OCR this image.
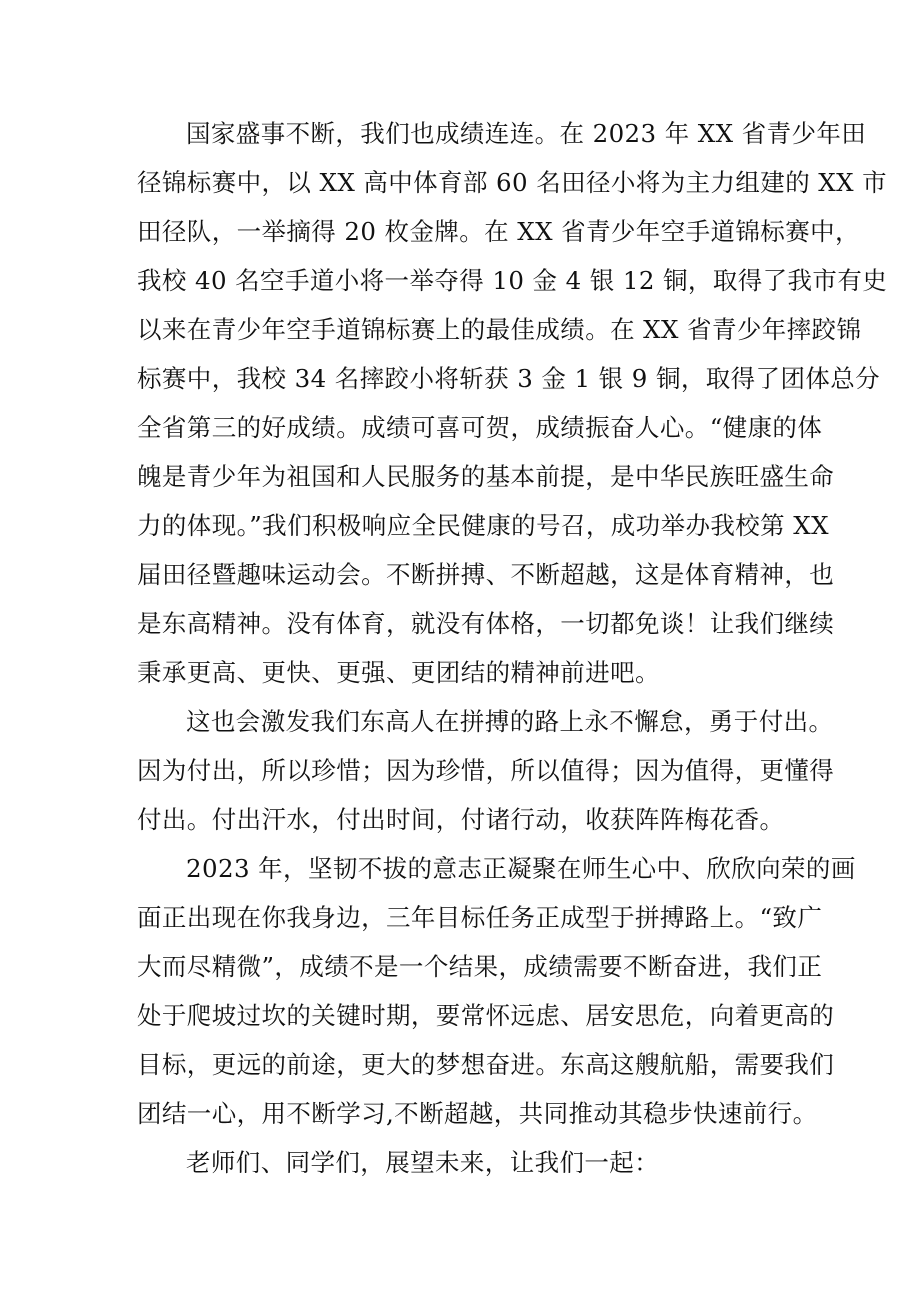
国家盛事不断，我们也成绩连连。在 2023 年 XX 省青少年田
径锦标赛中，以 XX 高中体育部 60 名田径小将为主力组建的 XX 市
田径队，一举摘得 20 枚金牌。在 XX 省青少年空手道锦标赛中，
我校 40 名空手道小将一举夺得 10 金 4 银 12 铜，取得了我市有史
以来在青少年空手道锦标赛上的最佳成绩。在 XX 省青少年摔跤锦
标赛中，我校 34 名摔跤小将斩获 3 金 1 银 9 铜，取得了团体总分
全省第三的好成绩。成绩可喜可贺，成绩振奋人心。“健康的体
魄是青少年为祖国和人民服务的基本前提，是中华民族旺盛生命
力的体现。”我们积极响应全民健康的号召，成功举办我校第 XX
届田径暨趣味运动会。不断拼搏、不断超越，这是体育精神，也
是东高精神。没有体育，就没有体格，一切都免谈！让我们继续
秉承更高、更快、更强、更团结的精神前进吧。
这也会激发我们东高人在拼搏的路上永不懈怠，勇于付出。
因为付出，所以珍惜；因为珍惜，所以值得；因为值得，更懂得
付出。付出汗水，付出时间，付诸行动，收获阵阵梅花香。
2023 年，坚韧不拔的意志正凝聚在师生心中、欣欣向荣的画
面正出现在你我身边，三年目标任务正成型于拼搏路上。“致广
大而尽精微”，成绩不是一个结果，成绩需要不断奋进，我们正
处于爬坡过坎的关键时期，要常怀远虑、居安思危，向着更高的
目标，更远的前途，更大的梦想奋进。东高这艘航船，需要我们
团结一心，用不断学习,不断超越，共同推动其稳步快速前行。
老师们、同学们，展望未来，让我们一起：
